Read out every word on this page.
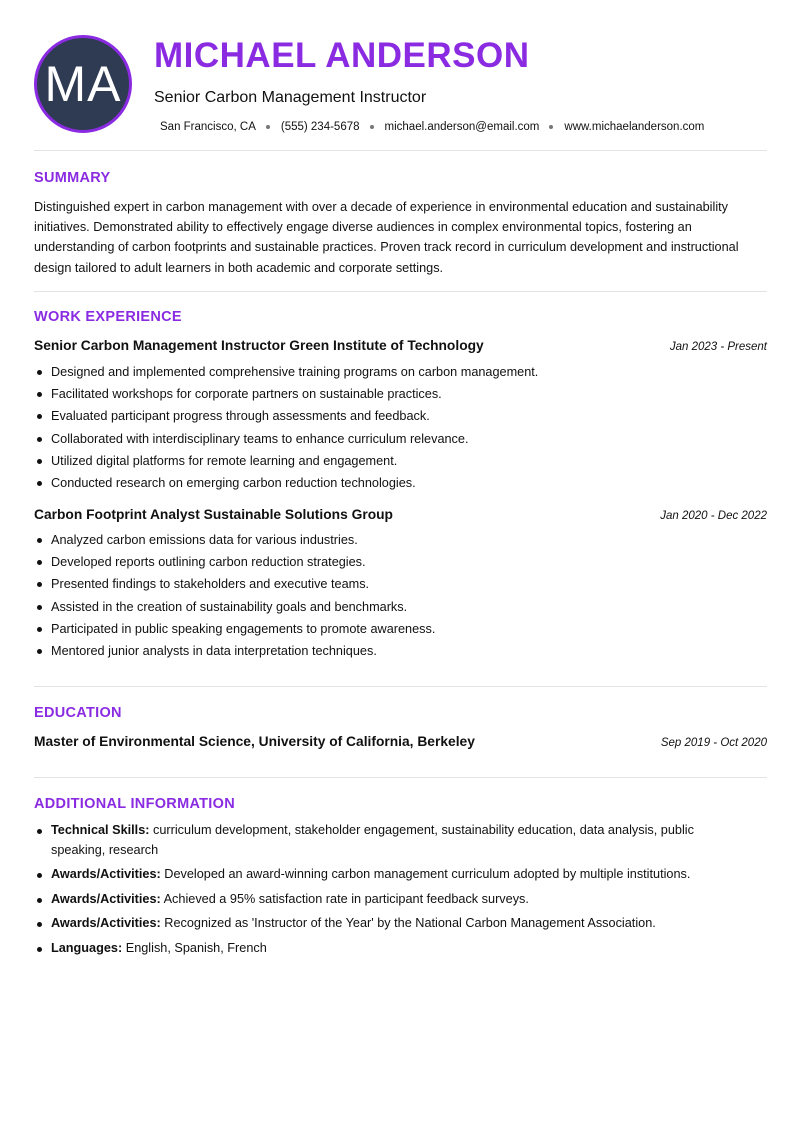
MA
MICHAEL ANDERSON
Senior Carbon Management Instructor
San Francisco, CA (555) 234-5678 michael.anderson@email.com www.michaelanderson.com
SUMMARY
Distinguished expert in carbon management with over a decade of experience in environmental education and sustainability initiatives. Demonstrated ability to effectively engage diverse audiences in complex environmental topics, fostering an understanding of carbon footprints and sustainable practices. Proven track record in curriculum development and instructional design tailored to adult learners in both academic and corporate settings.
WORK EXPERIENCE
Senior Carbon Management Instructor Green Institute of Technology	Jan 2023 - Present
Designed and implemented comprehensive training programs on carbon management.
Facilitated workshops for corporate partners on sustainable practices.
Evaluated participant progress through assessments and feedback.
Collaborated with interdisciplinary teams to enhance curriculum relevance.
Utilized digital platforms for remote learning and engagement.
Conducted research on emerging carbon reduction technologies.
Carbon Footprint Analyst Sustainable Solutions Group	Jan 2020 - Dec 2022
Analyzed carbon emissions data for various industries.
Developed reports outlining carbon reduction strategies.
Presented findings to stakeholders and executive teams.
Assisted in the creation of sustainability goals and benchmarks.
Participated in public speaking engagements to promote awareness.
Mentored junior analysts in data interpretation techniques.
EDUCATION
Master of Environmental Science, University of California, Berkeley	Sep 2019 - Oct 2020
ADDITIONAL INFORMATION
Technical Skills: curriculum development, stakeholder engagement, sustainability education, data analysis, public speaking, research
Awards/Activities: Developed an award-winning carbon management curriculum adopted by multiple institutions.
Awards/Activities: Achieved a 95% satisfaction rate in participant feedback surveys.
Awards/Activities: Recognized as 'Instructor of the Year' by the National Carbon Management Association.
Languages: English, Spanish, French
